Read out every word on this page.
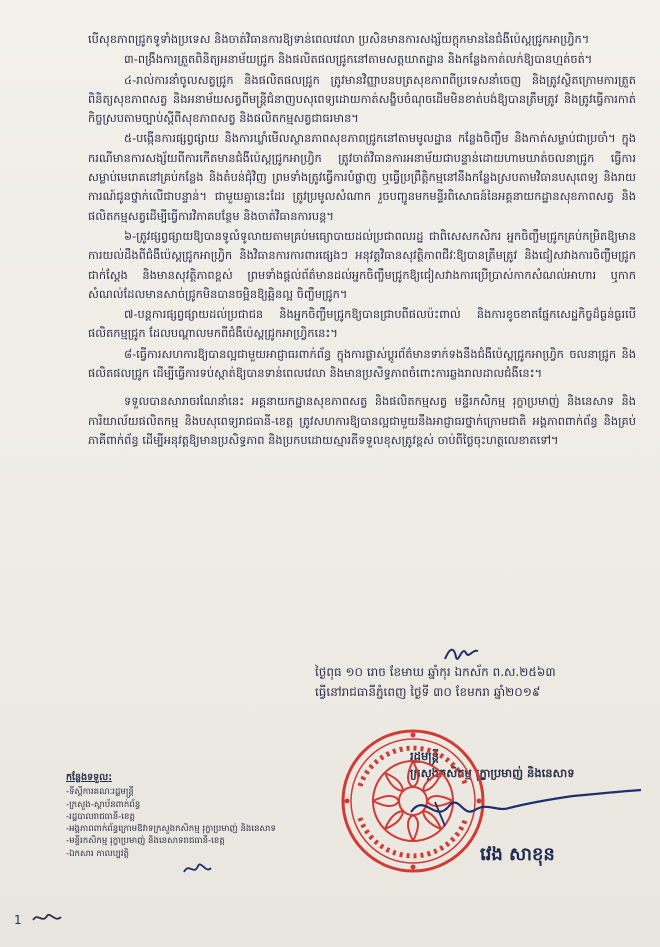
បើសុខភាពជ្រូកទូទាំងប្រទេស និងចាត់វិធានការឱ្យទាន់ពេលវេលា ប្រសិនមានការសង្ស័យក្តុកមាននៃជំងឺប៉េស្តជ្រូកអាហ្វ្រិក។

៣-ពង្រឹងការត្រួតពិនិត្យអនាម័យជ្រូក និងផលិតផលជ្រូកនៅតាមសត្តឃាតដ្ឋាន និងកន្លែងកាត់លក់ឱ្យបានហ្មត់ចត់។

៤-រាល់ការនាំចូលសត្វជ្រូក និងផលិតផលជ្រូក ត្រូវមានវិញ្ញាបនបត្រសុខភាពពីប្រទេសនាំចេញ និងត្រូវស្ថិតក្រោមការត្រួតពិនិត្យសុខភាពសត្វ និងអនាម័យសត្វពីមន្ត្រីជំនាញបសុពេទ្យដោយកាត់សង្ខិបចំណុចដើមមិនខាត់បង់ឱ្យបានត្រឹមត្រូវ និងត្រូវធ្វើការកាត់កិច្ចស្របតាមច្បាប់ស្តីពីសុខភាពសត្វ និងផលិតកម្មសត្វជាធរមាន។

៥-បង្កើនការផ្សព្វផ្សាយ និងការឃ្លាំមើលស្ថានភាពសុខភាពជ្រូកនៅតាមមូលដ្ឋាន កន្លែងចិញ្ចឹម និងកាត់សម្លាប់ជាប្រចាំ។ ក្នុងករណីមានការសង្ស័យពីការកើតមានជំងឺប៉េស្តជ្រូកអាហ្វ្រិក ត្រូវចាត់វិធានការអនាម័យជាបន្ទាន់ដោយហាមឃាត់ចលនាជ្រូក ធ្វើការសម្លាប់មេរោគនៅគ្រប់កន្លែង និងតំបន់ជុំវិញ ព្រមទាំងត្រូវធ្វើការបំផ្លាញ ឬធ្វើប្រព្រឹត្តិកម្មនៅនឹងកន្លែងស្របតាមវិធានបសុពេទ្យ និងរាយការណ៍ជូនថ្នាក់លើជាបន្ទាន់។ ជាមួយគ្នានេះដែរ ត្រូវប្រមូលសំណាក រួចបញ្ជូនមកមន្ទីរពិសោធន៍នៃអគ្គនាយកដ្ឋានសុខភាពសត្វ និងផលិតកម្មសត្វដើម្បីធ្វើការវិភាគបន្ថែម និងចាត់វិធានការបន្ត។

៦-ត្រូវផ្សព្វផ្សាយឱ្យបានទូលំទូលាយតាមគ្រប់មធ្យោបាយដល់ប្រជាពលរដ្ឋ ជាពិសេសកសិករ អ្នកចិញ្ចឹមជ្រូកគ្រប់កម្រិតឱ្យមានការយល់ដឹងពីជំងឺប៉េស្តជ្រូកអាហ្វ្រិក និងវិធានការការពារផ្សេងៗ អនុវត្តវិធានសុវត្ថិភាពជីវៈឱ្យបានត្រឹមត្រូវ និងជៀសវាងការចិញ្ចឹមជ្រូកជាក់ស្តែង និងមានសុវត្ថិភាពខ្ពស់ ព្រមទាំងផ្តល់ព័ត៌មានដល់អ្នកចិញ្ចឹមជ្រូកឱ្យជៀសវាងការប្រើប្រាស់កាកសំណល់អាហារ ឬកាកសំណល់ដែលមានសាច់ជ្រូកមិនបានចម្អិនឱ្យឆ្អិនល្អ ចិញ្ចឹមជ្រូក។

៧-បន្តការផ្សព្វផ្សាយដល់ប្រជាជន និងអ្នកចិញ្ចឹមជ្រូកឱ្យបានជ្រាបពីផលប៉ះពាល់ និងការខូចខាតផ្នែកសេដ្ឋកិច្ចដ៏ធ្ងន់ធ្ងរបើផលិតកម្មជ្រូក ដែលបណ្តាលមកពីជំងឺប៉េស្តជ្រូកអាហ្វ្រិកនេះ។

៨-ធ្វើការសហការឱ្យបានល្អជាមួយអាជ្ញាធរពាក់ព័ន្ធ ក្នុងការផ្លាស់ប្តូរព័ត៌មានទាក់ទងនឹងជំងឺប៉េស្តជ្រូកអាហ្វ្រិក ចលនាជ្រូក និងផលិតផលជ្រូក ដើម្បីធ្វើការទប់ស្កាត់ឱ្យបានទាន់ពេលវេលា និងមានប្រសិទ្ធភាពចំពោះការឆ្លងរាលដាលជំងឺនេះ។

ទទួលបានសារាចរណែនាំនេះ អគ្គនាយកដ្ឋានសុខភាពសត្វ និងផលិតកម្មសត្វ មន្ទីរកសិកម្ម រុក្ខាប្រមាញ់ និងនេសាទ និងការិយាល័យផលិតកម្ម និងបសុពេទ្យរាជធានី-ខេត្ត ត្រូវសហការឱ្យបានល្អជាមួយនឹងអាជ្ញាធរថ្នាក់ក្រោមជាតិ អង្គភាពពាក់ព័ន្ធ និងគ្រប់ភាគីពាក់ព័ន្ធ ដើម្បីអនុវត្តឱ្យមានប្រសិទ្ធភាព និងប្រកបដោយស្មារតីទទួលខុសត្រូវខ្ពស់ ចាប់ពីថ្ងៃចុះហត្ថលេខាតទៅ។

ថ្ងៃពុធ ១០ រោច ខែមាឃ ឆ្នាំកុរ ឯកស័ក ព.ស.២៥៦៣
ធ្វើនៅរាជធានីភ្នំពេញ ថ្ងៃទី ៣០ ខែមករា ឆ្នាំ២០១៩
រដ្ឋមន្ត្រី
ក្រសួងកសិកម្ម រុក្ខាប្រមាញ់ និងនេសាទ
កន្លែងទទួល:
-ទីស្តីការគណៈរដ្ឋមន្ត្រី
-ក្រសួង-ស្ថាប័នពាក់ព័ន្ធ
-រដ្ឋបាលរាជធានី-ខេត្ត
-អង្គភាពពាក់ព័ន្ធក្រោមឱវាទក្រសួងកសិកម្ម រុក្ខាប្រមាញ់ និងនេសាទ
-មន្ទីរកសិកម្ម រុក្ខាប្រមាញ់ និងនេសាទរាជធានី-ខេត្ត
-ឯកសារ កាលប្បវត្តិ	វេង សាខុន
1
